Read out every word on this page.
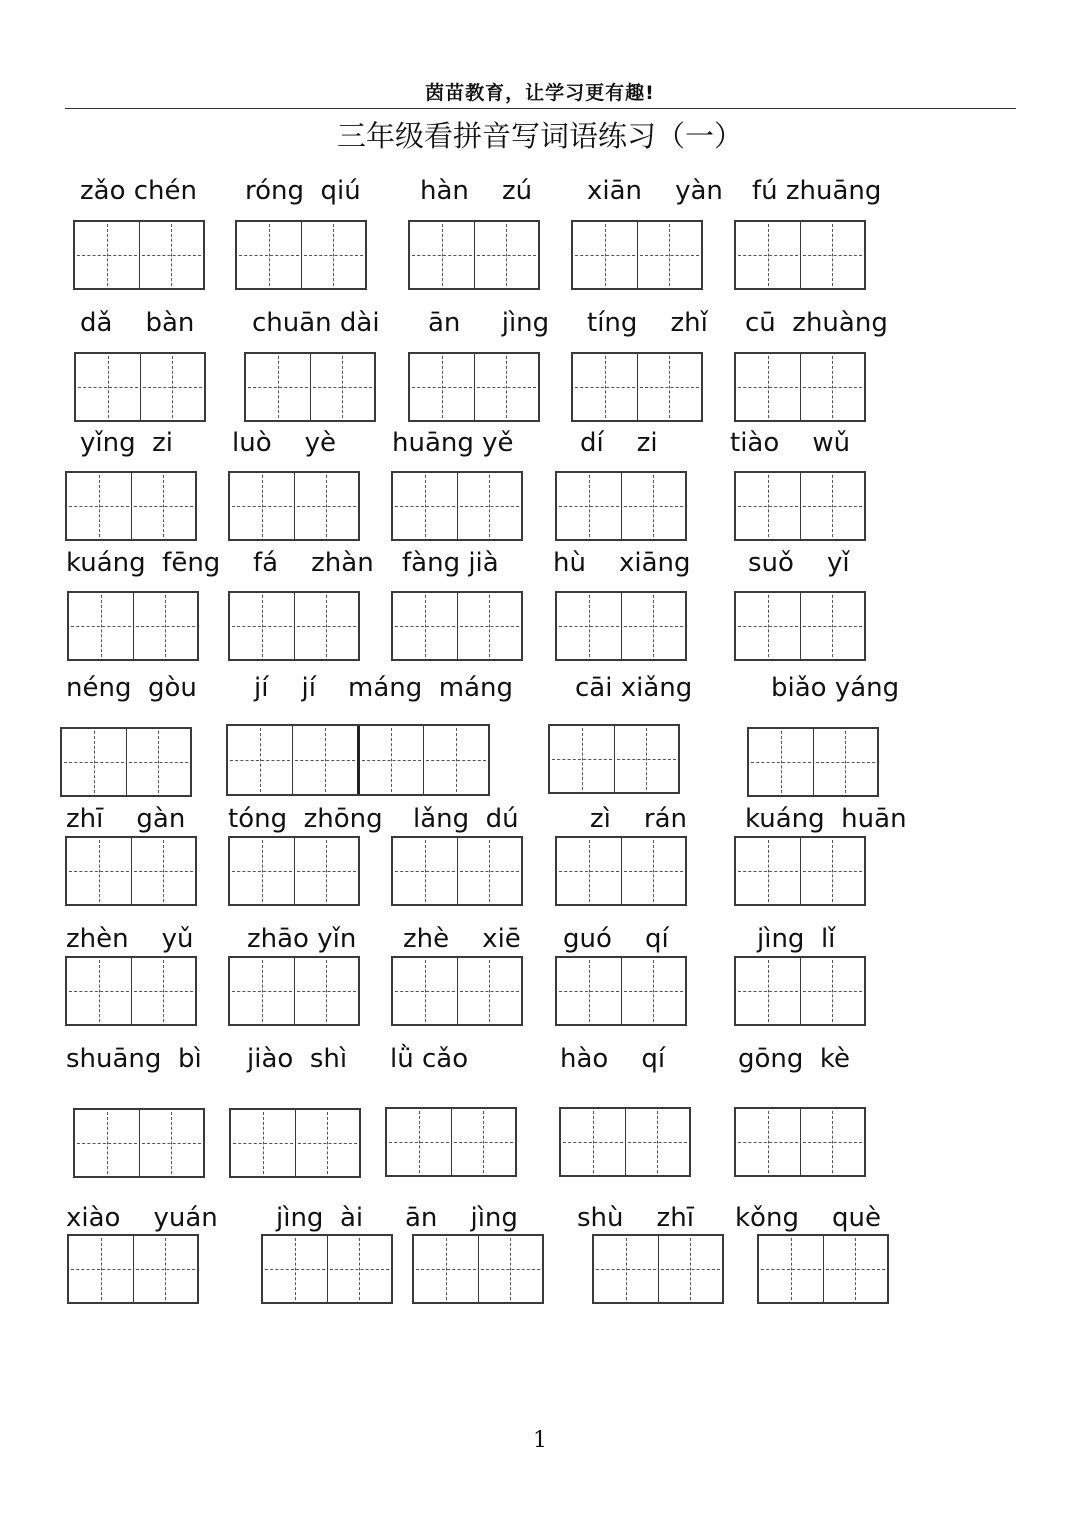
茵苗教育，让学习更有趣!
三年级看拼音写词语练习（一）
zǎo chén róng  qiú hàn    zú xiān    yàn fú zhuāng
dǎ    bàn chuān dài ān     jìng tíng    zhǐ cū  zhuàng
yǐng  zi luò    yè huāng yě	dí    zi	tiào    wǔ
kuáng  fēng fá    zhàn fàng jià hù    xiāng suǒ    yǐ
néng  gòu jí    jí máng  máng cāi xiǎng	biǎo yáng
zhī    gàn tóng  zhōng lǎng  dú	zì    rán kuáng  huān
zhèn    yǔ zhāo yǐn zhè    xiē guó    qí	jìng  lǐ
shuāng  bì jiào  shì lǜ cǎo	hào    qí	gōng  kè
xiào    yuán jìng  ài ān    jìng shù    zhī kǒng    què
1
